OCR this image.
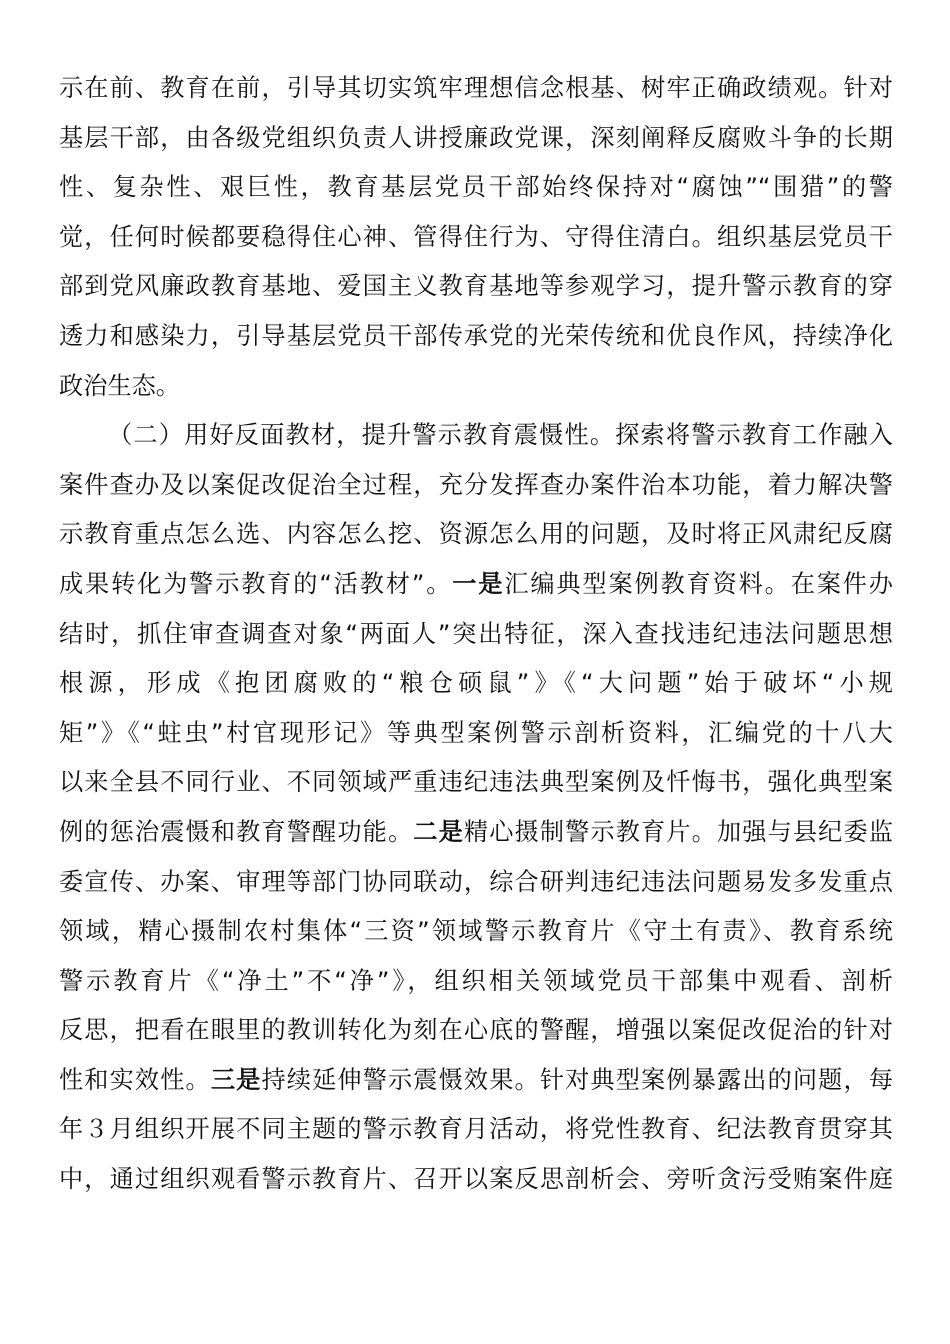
示在前、教育在前，引导其切实筑牢理想信念根基、树牢正确政绩观。针对
基层干部，由各级党组织负责人讲授廉政党课，深刻阐释反腐败斗争的长期
性、复杂性、艰巨性，教育基层党员干部始终保持对“腐蚀”“围猎”的警
觉，任何时候都要稳得住心神、管得住行为、守得住清白。组织基层党员干
部到党风廉政教育基地、爱国主义教育基地等参观学习，提升警示教育的穿
透力和感染力，引导基层党员干部传承党的光荣传统和优良作风，持续净化
政治生态。
（二）用好反面教材，提升警示教育震慑性。探索将警示教育工作融入
案件查办及以案促改促治全过程，充分发挥查办案件治本功能，着力解决警
示教育重点怎么选、内容怎么挖、资源怎么用的问题，及时将正风肃纪反腐
成果转化为警示教育的“活教材”。一是汇编典型案例教育资料。在案件办
结时，抓住审查调查对象“两面人”突出特征，深入查找违纪违法问题思想
根源，形成《抱团腐败的“粮仓硕鼠”》《“大问题”始于破坏“小规
矩”》《“蛀虫”村官现形记》等典型案例警示剖析资料，汇编党的十八大
以来全县不同行业、不同领域严重违纪违法典型案例及忏悔书，强化典型案
例的惩治震慑和教育警醒功能。二是精心摄制警示教育片。加强与县纪委监
委宣传、办案、审理等部门协同联动，综合研判违纪违法问题易发多发重点
领域，精心摄制农村集体“三资”领域警示教育片《守土有责》、教育系统
警示教育片《“净土”不“净”》，组织相关领域党员干部集中观看、剖析
反思，把看在眼里的教训转化为刻在心底的警醒，增强以案促改促治的针对
性和实效性。三是持续延伸警示震慑效果。针对典型案例暴露出的问题，每
年３月组织开展不同主题的警示教育月活动，将党性教育、纪法教育贯穿其
中，通过组织观看警示教育片、召开以案反思剖析会、旁听贪污受贿案件庭
